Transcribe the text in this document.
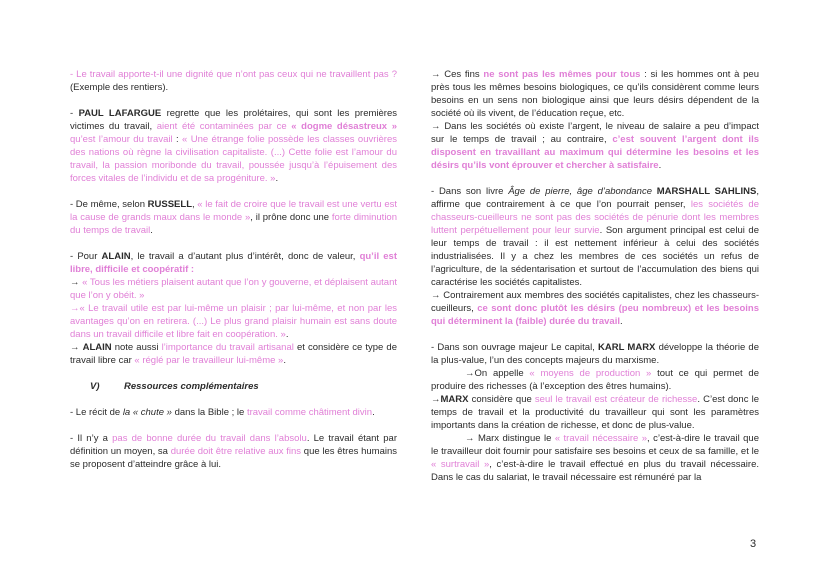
- Le travail apporte-t-il une dignité que n’ont pas ceux qui ne travaillent pas ? (Exemple des rentiers).

- PAUL LAFARGUE regrette que les prolétaires, qui sont les premières victimes du travail, aient été contaminées par ce « dogme désastreux » qu’est l’amour du travail : « Une étrange folie possède les classes ouvrières des nations où règne la civilisation capitaliste. (...) Cette folie est l’amour du travail, la passion moribonde du travail, poussée jusqu’à l’épuisement des forces vitales de l’individu et de sa progéniture. ».

- De même, selon RUSSELL, « le fait de croire que le travail est une vertu est la cause de grands maux dans le monde », il prône donc une forte diminution du temps de travail.

- Pour ALAIN, le travail a d’autant plus d’intérêt, donc de valeur, qu’il est libre, difficile et coopératif :

→ « Tous les métiers plaisent autant que l’on y gouverne, et déplaisent autant que l’on y obéit. »

→« Le travail utile est par lui-même un plaisir ; par lui-même, et non par les avantages qu’on en retirera. (...) Le plus grand plaisir humain est sans doute dans un travail difficile et libre fait en coopération. ».

→ ALAIN note aussi l’importance du travail artisanal et considère ce type de travail libre car « réglé par le travailleur lui-même ».

V)	Ressources complémentaires

- Le récit de la « chute » dans la Bible ; le travail comme châtiment divin.

- Il n’y a pas de bonne durée du travail dans l’absolu. Le travail étant par définition un moyen, sa durée doit être relative aux fins que les êtres humains se proposent d’atteindre grâce à lui.

→ Ces fins ne sont pas les mêmes pour tous : si les hommes ont à peu près tous les mêmes besoins biologiques, ce qu’ils considèrent comme leurs besoins en un sens non biologique ainsi que leurs désirs dépendent de la société où ils vivent, de l’éducation reçue, etc.

→ Dans les sociétés où existe l’argent, le niveau de salaire a peu d’impact sur le temps de travail ; au contraire, c’est souvent l’argent dont ils disposent en travaillant au maximum qui détermine les besoins et les désirs qu’ils vont éprouver et chercher à satisfaire.

- Dans son livre Âge de pierre, âge d’abondance MARSHALL SAHLINS, affirme que contrairement à ce que l’on pourrait penser, les sociétés de chasseurs-cueilleurs ne sont pas des sociétés de pénurie dont les membres luttent perpétuellement pour leur survie. Son argument principal est celui de leur temps de travail : il est nettement inférieur à celui des sociétés industrialisées. Il y a chez les membres de ces sociétés un refus de l’agriculture, de la sédentarisation et surtout de l’accumulation des biens qui caractérise les sociétés capitalistes.

→ Contrairement aux membres des sociétés capitalistes, chez les chasseurs-cueilleurs, ce sont donc plutôt les désirs (peu nombreux) et les besoins qui déterminent la (faible) durée du travail.

- Dans son ouvrage majeur Le capital, KARL MARX développe la théorie de la plus-value, l’un des concepts majeurs du marxisme.

→On appelle « moyens de production » tout ce qui permet de produire des richesses (à l’exception des êtres humains).

→MARX considère que seul le travail est créateur de richesse. C’est donc le temps de travail et la productivité du travailleur qui sont les paramètres importants dans la création de richesse, et donc de plus-value.

→ Marx distingue le « travail nécessaire », c’est-à-dire le travail que le travailleur doit fournir pour satisfaire ses besoins et ceux de sa famille, et le « surtravail », c’est-à-dire le travail effectué en plus du travail nécessaire. Dans le cas du salariat, le travail nécessaire est rémunéré par la

3
